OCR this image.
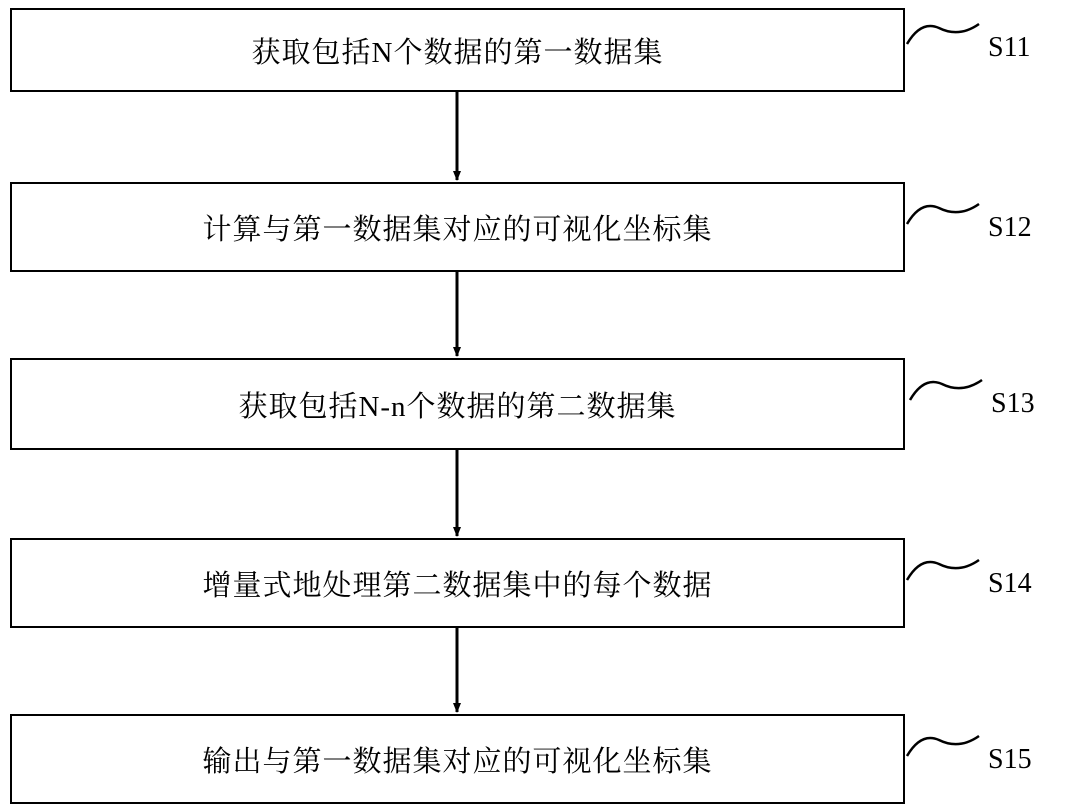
获取包括N个数据的第一数据集	S11
计算与第一数据集对应的可视化坐标集	S12
获取包括N-n个数据的第二数据集	S13
增量式地处理第二数据集中的每个数据	S14
输出与第一数据集对应的可视化坐标集	S15
